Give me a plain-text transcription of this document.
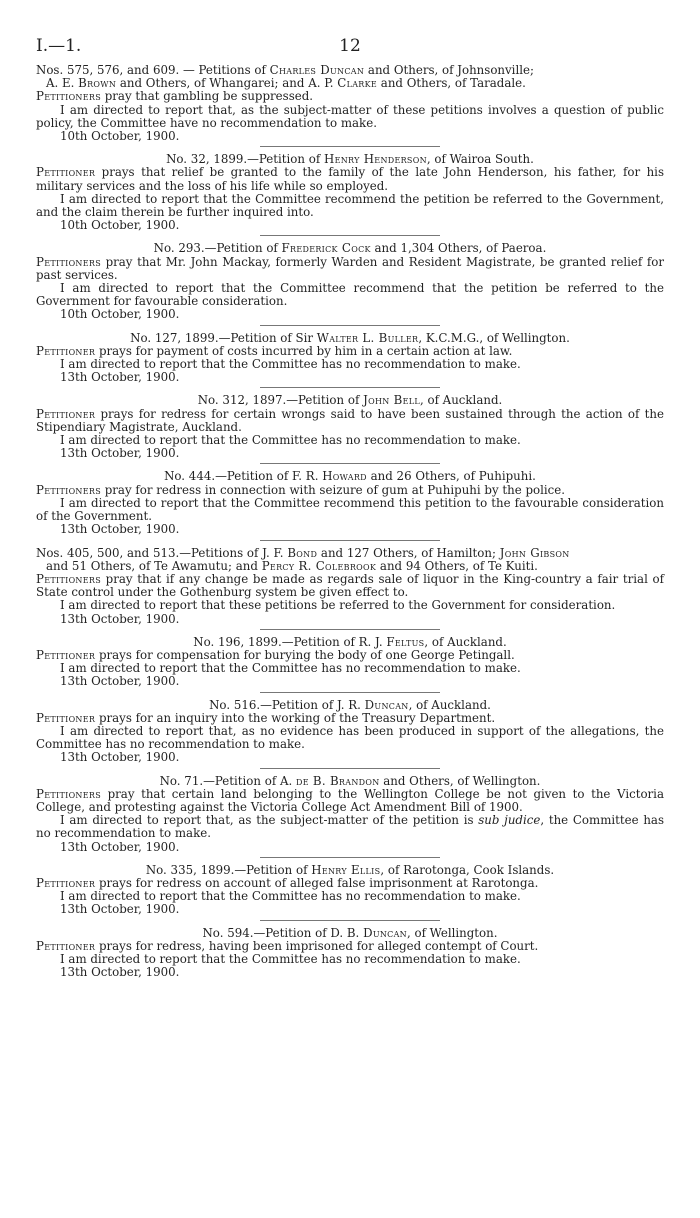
I.—1.	12

Nos. 575, 576, and 609. — Petitions of Charles Duncan and Others, of Johnsonville;
A. E. Brown and Others, of Whangarei; and A. P. Clarke and Others, of Taradale.

Petitioners pray that gambling be suppressed.

I am directed to report that, as the subject-matter of these petitions involves a question of public policy, the Committee have no recommendation to make.

10th October, 1900.

No. 32, 1899.—Petition of Henry Henderson, of Wairoa South.

Petitioner prays that relief be granted to the family of the late John Henderson, his father, for his military services and the loss of his life while so employed.

I am directed to report that the Committee recommend the petition be referred to the Government, and the claim therein be further inquired into.

10th October, 1900.

No. 293.—Petition of Frederick Cock and 1,304 Others, of Paeroa.

Petitioners pray that Mr. John Mackay, formerly Warden and Resident Magistrate, be granted relief for past services.

I am directed to report that the Committee recommend that the petition be referred to the Government for favourable consideration.

10th October, 1900.

No. 127, 1899.—Petition of Sir Walter L. Buller, K.C.M.G., of Wellington.

Petitioner prays for payment of costs incurred by him in a certain action at law.

I am directed to report that the Committee has no recommendation to make.

13th October, 1900.

No. 312, 1897.—Petition of John Bell, of Auckland.

Petitioner prays for redress for certain wrongs said to have been sustained through the action of the Stipendiary Magistrate, Auckland.

I am directed to report that the Committee has no recommendation to make.

13th October, 1900.

No. 444.—Petition of F. R. Howard and 26 Others, of Puhipuhi.

Petitioners pray for redress in connection with seizure of gum at Puhipuhi by the police.

I am directed to report that the Committee recommend this petition to the favourable consideration of the Government.

13th October, 1900.

Nos. 405, 500, and 513.—Petitions of J. F. Bond and 127 Others, of Hamilton; John Gibson
and 51 Others, of Te Awamutu; and Percy R. Colebrook and 94 Others, of Te Kuiti.

Petitioners pray that if any change be made as regards sale of liquor in the King-country a fair trial of State control under the Gothenburg system be given effect to.

I am directed to report that these petitions be referred to the Government for consideration.

13th October, 1900.

No. 196, 1899.—Petition of R. J. Feltus, of Auckland.

Petitioner prays for compensation for burying the body of one George Petingall.

I am directed to report that the Committee has no recommendation to make.

13th October, 1900.

No. 516.—Petition of J. R. Duncan, of Auckland.

Petitioner prays for an inquiry into the working of the Treasury Department.

I am directed to report that, as no evidence has been produced in support of the allegations, the Committee has no recommendation to make.

13th October, 1900.

No. 71.—Petition of A. de B. Brandon and Others, of Wellington.

Petitioners pray that certain land belonging to the Wellington College be not given to the Victoria College, and protesting against the Victoria College Act Amendment Bill of 1900.

I am directed to report that, as the subject-matter of the petition is sub judice, the Committee has no recommendation to make.

13th October, 1900.

No. 335, 1899.—Petition of Henry Ellis, of Rarotonga, Cook Islands.

Petitioner prays for redress on account of alleged false imprisonment at Rarotonga.

I am directed to report that the Committee has no recommendation to make.

13th October, 1900.

No. 594.—Petition of D. B. Duncan, of Wellington.

Petitioner prays for redress, having been imprisoned for alleged contempt of Court.

I am directed to report that the Committee has no recommendation to make.

13th October, 1900.
